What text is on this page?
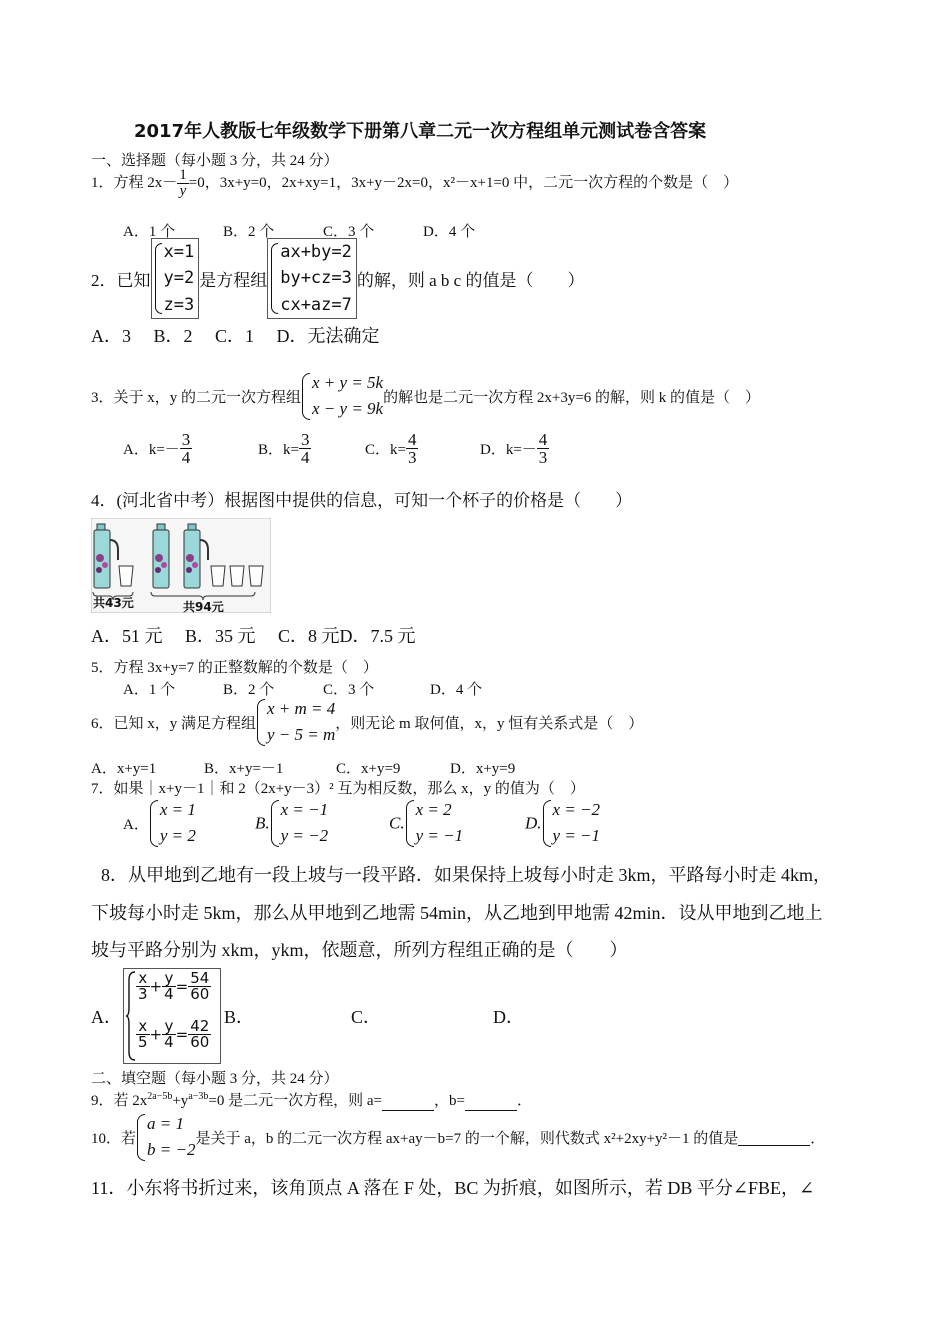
2017年人教版七年级数学下册第八章二元一次方程组单元测试卷含答案
一、选择题（每小题 3 分，共 24 分）
1．方程 $2x- \frac{1}{y} =0$，3x+y=0，2x+xy=1，3x+y－2x=0，x²－x+1=0 中，二元一次方程的个数是（　）
A．1 个	B．2 个	C．3 个	D．4 个
2．已知
x=1
y=2
z=3
是方程组
ax+by=2
by+cz=3
cx+az=7
的解，则 a b c 的值是（　　）
A．3　 B．2　 C．1　 D．无法确定
3．关于 x，y 的二元一次方程组
x + y = 5k
x − y = 9k
的解也是二元一次方程 2x+3y=6 的解，则 k 的值是（　）
A．$k=- \frac{3}{4}$	B．$k= \frac{3}{4}$	C．$k= \frac{4}{3}$	D．$k=- \frac{4}{3}$
4．(河北省中考）根据图中提供的信息，可知一个杯子的价格是（　　）
共43元	共94元
A．51 元　 B．35 元　 C．8 元D．7.5 元
5．方程 3x+y=7 的正整数解的个数是（　）
A．1 个	B．2 个	C．3 个	D．4 个
6．已知 x，y 满足方程组
x + m = 4
y − 5 = m
，则无论 m 取何值，x，y 恒有关系式是（　）
A．x+y=1	B．x+y=－1	C．x+y=9	D．x+y=9
7．如果｜x+y－1｜和 2（2x+y－3）² 互为相反数，那么 x，y 的值为（　）
A．
x = 1
y = 2
B.
x = −1
y = −2
C.
x = 2
y = −1
D.
x = −2
y = −1
8．从甲地到乙地有一段上坡与一段平路．如果保持上坡每小时走 3km，平路每小时走 4km，
下坡每小时走 5km，那么从甲地到乙地需 54min，从乙地到甲地需 42min．设从甲地到乙地上
坡与平路分别为 xkm，ykm，依题意，所列方程组正确的是（　　）
A．
$\frac{x}{3} + \frac{y}{4} = \frac{54}{60}$
$\frac{x}{5} + \frac{y}{4} = \frac{42}{60}$
B．	C．	D．
二、填空题（每小题 3 分，共 24 分）
9．若 $2x^{2a-5b}+y^{a-3b}=0$ 是二元一次方程，则 a=	，b=	．
10．若
a = 1
b = −2
是关于 a，b 的二元一次方程 ax+ay－b=7 的一个解，则代数式 x²+2xy+y²－1 的值是	．
11．小东将书折过来，该角顶点 A 落在 F 处，BC 为折痕，如图所示，若 DB 平分∠FBE，∠
